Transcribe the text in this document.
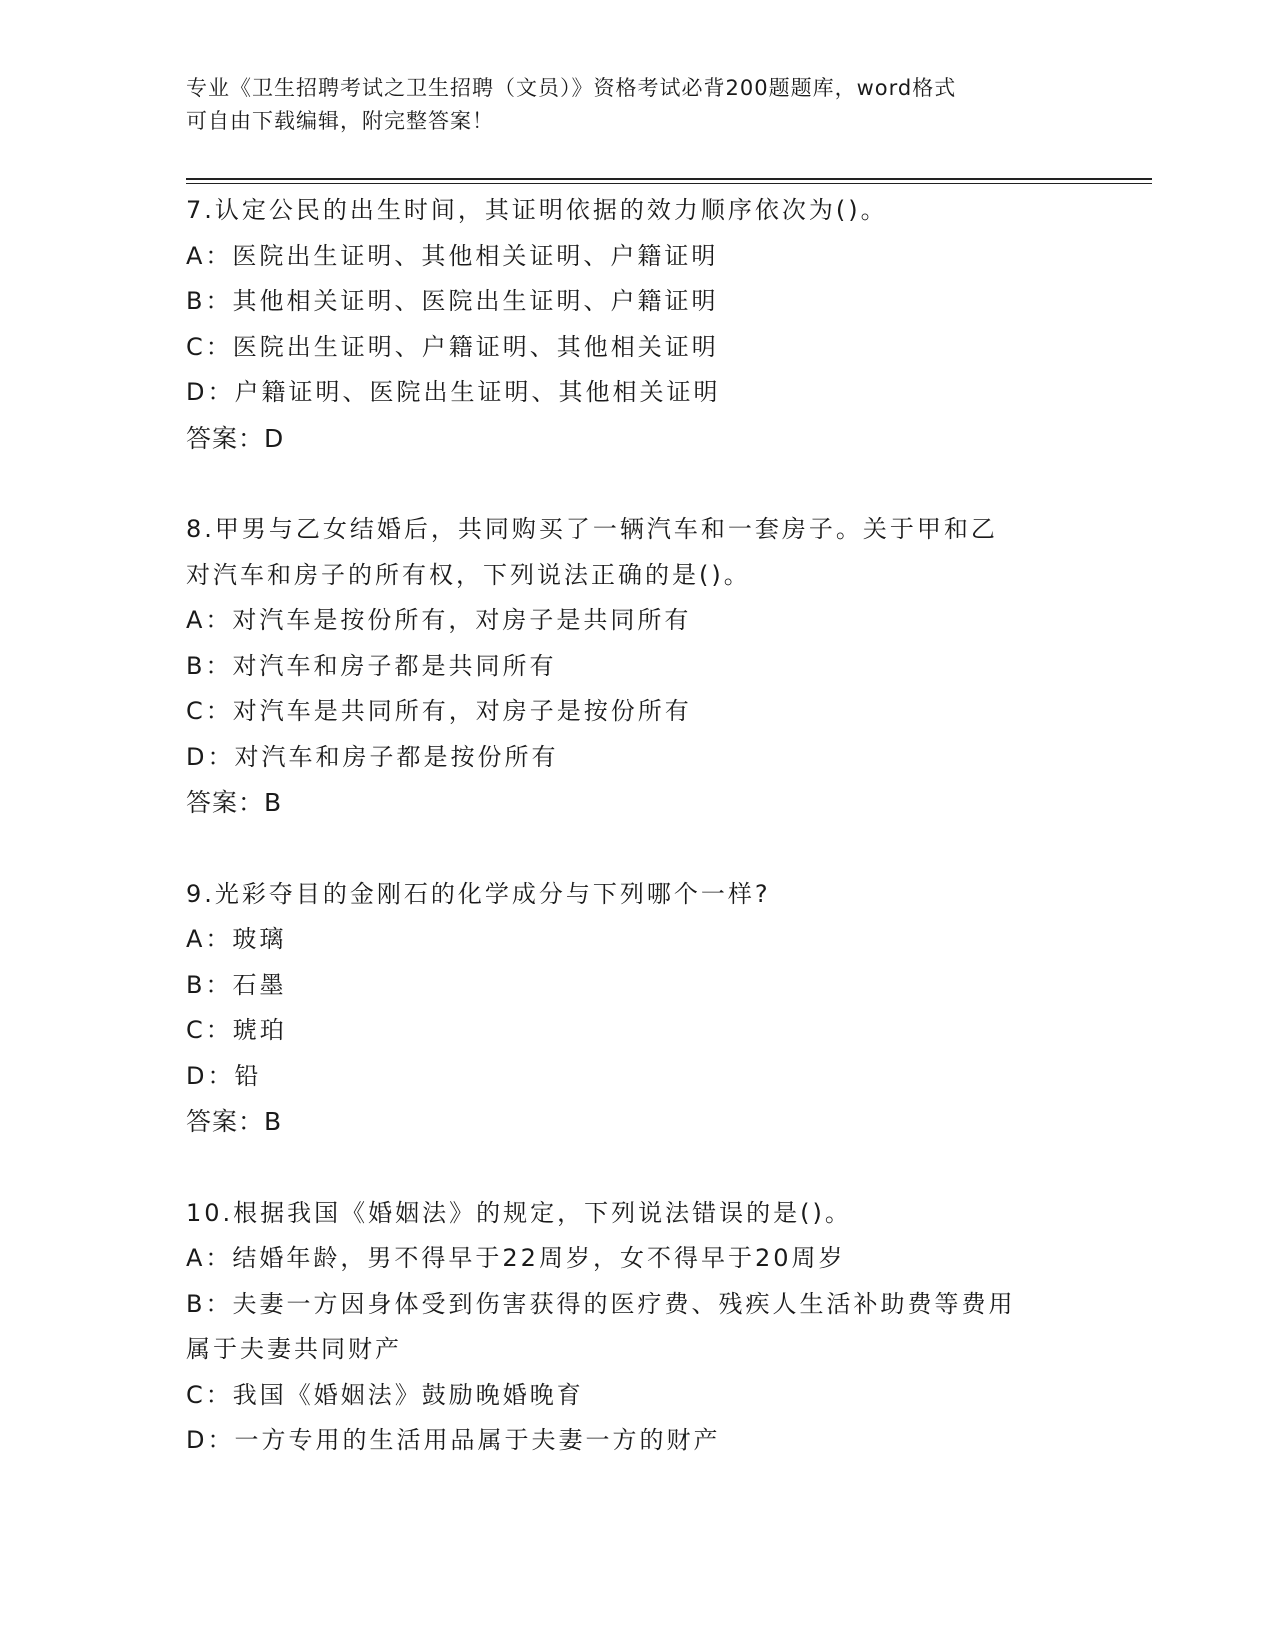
专业《卫生招聘考试之卫生招聘（文员）》资格考试必背200题题库，word格式
可自由下载编辑，附完整答案！
7.认定公民的出生时间，其证明依据的效力顺序依次为()。
A：医院出生证明、其他相关证明、户籍证明
B：其他相关证明、医院出生证明、户籍证明
C：医院出生证明、户籍证明、其他相关证明
D：户籍证明、医院出生证明、其他相关证明
答案：D
8.甲男与乙女结婚后，共同购买了一辆汽车和一套房子。关于甲和乙
对汽车和房子的所有权，下列说法正确的是()。
A：对汽车是按份所有，对房子是共同所有
B：对汽车和房子都是共同所有
C：对汽车是共同所有，对房子是按份所有
D：对汽车和房子都是按份所有
答案：B
9.光彩夺目的金刚石的化学成分与下列哪个一样?
A：玻璃
B：石墨
C：琥珀
D：铅
答案：B
10.根据我国《婚姻法》的规定，下列说法错误的是()。
A：结婚年龄，男不得早于22周岁，女不得早于20周岁
B：夫妻一方因身体受到伤害获得的医疗费、残疾人生活补助费等费用
属于夫妻共同财产
C：我国《婚姻法》鼓励晚婚晚育
D：一方专用的生活用品属于夫妻一方的财产
